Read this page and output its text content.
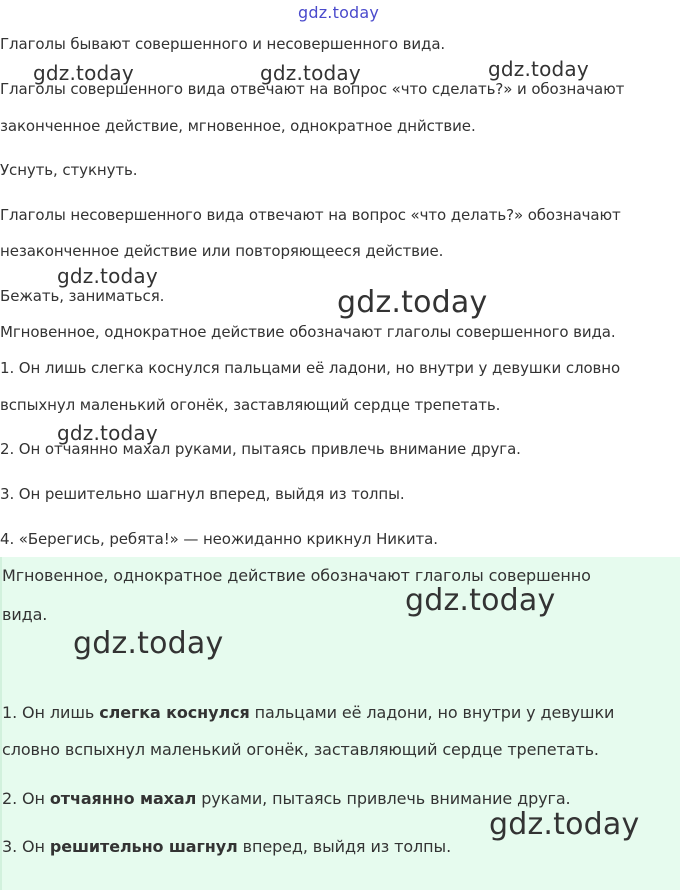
Глаголы бывают совершенного и несовершенного вида.

Глаголы совершенного вида отвечают на вопрос «что сделать?» и обозначают

законченное действие, мгновенное, однократное днйствие.

Уснуть, стукнуть.

Глаголы несовершенного вида отвечают на вопрос «что делать?» обозначают

незаконченное действие или повторяющееся действие.

Бежать, заниматься.

Мгновенное, однократное действие обозначают глаголы совершенного вида.

1. Он лишь слегка коснулся пальцами её ладони, но внутри у девушки словно

вспыхнул маленький огонёк, заставляющий сердце трепетать.

2. Он отчаянно махал руками, пытаясь привлечь внимание друга.

3. Он решительно шагнул вперед, выйдя из толпы.

4. «Берегись, ребята!» — неожиданно крикнул Никита.

Мгновенное, однократное действие обозначают глаголы совершенно

вида.

1. Он лишь слегка коснулся пальцами её ладони, но внутри у девушки

словно вспыхнул маленький огонёк, заставляющий сердце трепетать.

2. Он отчаянно махал руками, пытаясь привлечь внимание друга.

3. Он решительно шагнул вперед, выйдя из толпы.

gdz.today
gdz.today	gdz.today	gdz.today
gdz.today
gdz.today
gdz.today
gdz.today
gdz.today
gdz.today
